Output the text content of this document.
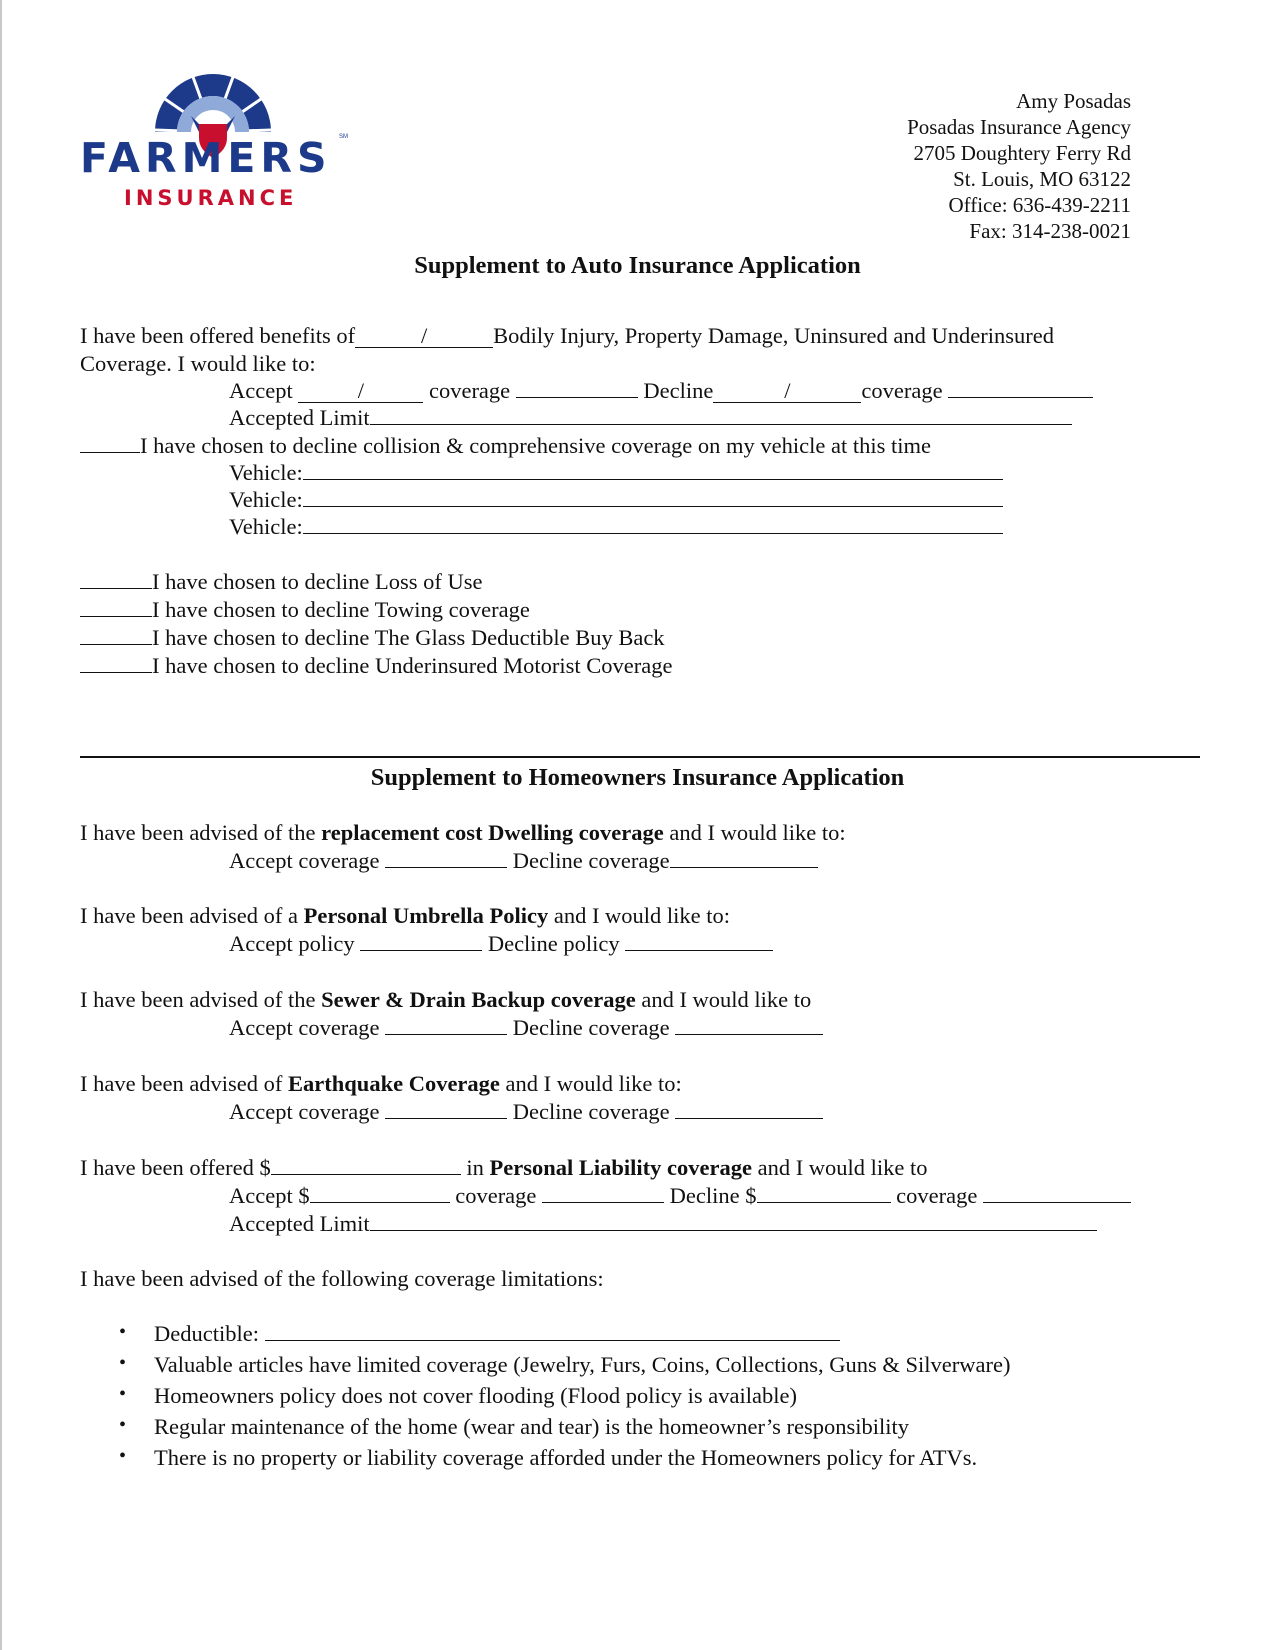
SM
FARMERS
INSURANCE
Amy Posadas
Posadas Insurance Agency
2705 Doughtery Ferry Rd
St. Louis, MO 63122
Office: 636-439-2211
Fax: 314-238-0021
Supplement to Auto Insurance Application
I have been offered benefits of	/	Bodily Injury, Property Damage, Uninsured and Underinsured
Coverage. I would like to:
Accept	/	coverage	Decline	/	coverage
Accepted Limit
I have chosen to decline collision & comprehensive coverage on my vehicle at this time
Vehicle:
Vehicle:
Vehicle:
I have chosen to decline Loss of Use
I have chosen to decline Towing coverage
I have chosen to decline The Glass Deductible Buy Back
I have chosen to decline Underinsured Motorist Coverage
Supplement to Homeowners Insurance Application
I have been advised of the replacement cost Dwelling coverage and I would like to:
Accept coverage	Decline coverage
I have been advised of a Personal Umbrella Policy and I would like to:
Accept policy	Decline policy
I have been advised of the Sewer & Drain Backup coverage and I would like to
Accept coverage	Decline coverage
I have been advised of Earthquake Coverage and I would like to:
Accept coverage	Decline coverage
I have been offered $	in Personal Liability coverage and I would like to
Accept $	coverage	Decline $	coverage
Accepted Limit
I have been advised of the following coverage limitations:
• Deductible:
• Valuable articles have limited coverage (Jewelry, Furs, Coins, Collections, Guns & Silverware)
• Homeowners policy does not cover flooding (Flood policy is available)
• Regular maintenance of the home (wear and tear) is the homeowner’s responsibility
• There is no property or liability coverage afforded under the Homeowners policy for ATVs.
